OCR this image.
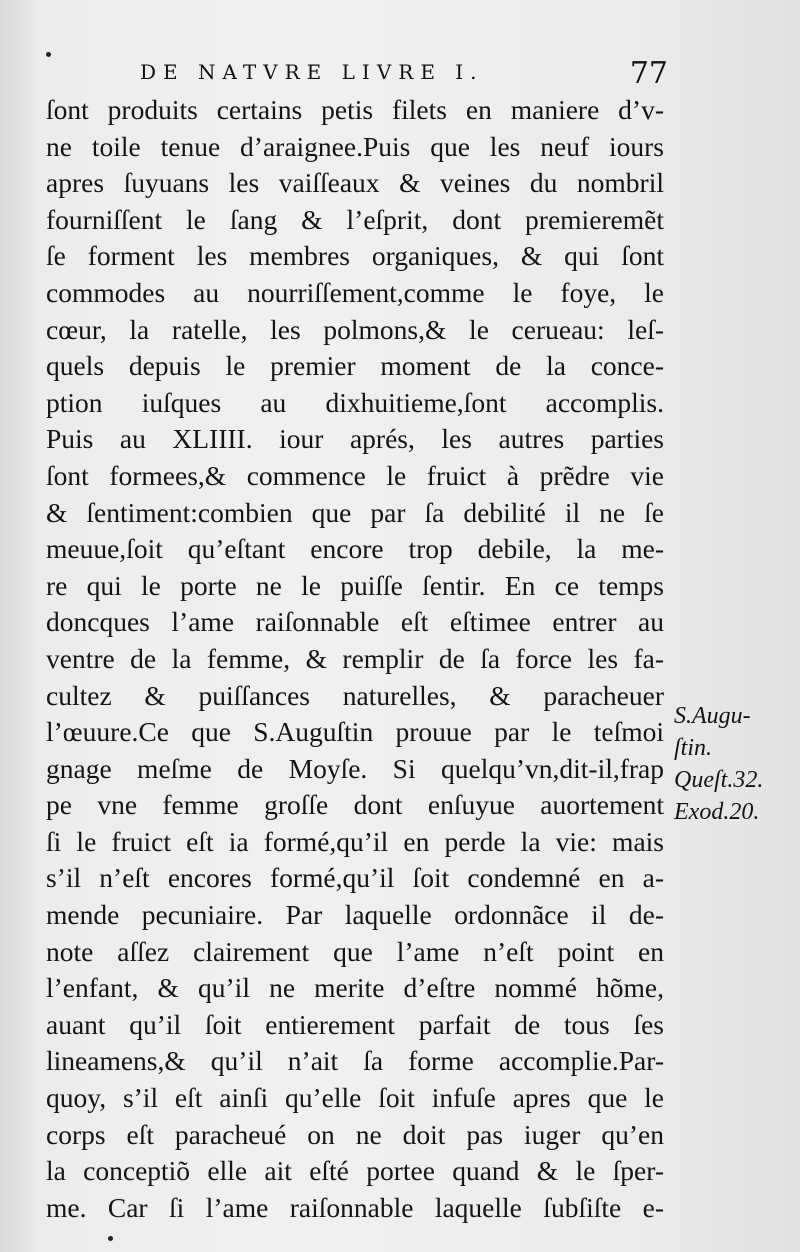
DE NATVRE LIVRE I.	77
ſont produits certains petis filets en maniere d’v-
ne toile tenue d’araignee.Puis que les neuf iours
apres ſuyuans les vaiſſeaux & veines du nombril
fourniſſent le ſang & l’eſprit, dont premieremẽt
ſe forment les membres organiques, & qui ſont
commodes au nourriſſement,comme le foye, le
cœur, la ratelle, les polmons,& le cerueau: leſ-
quels depuis le premier moment de la conce-
ption iuſques au dixhuitieme,ſont accomplis.
Puis au XLIIII. iour aprés, les autres parties
ſont formees,& commence le fruict à prẽdre vie
& ſentiment:combien que par ſa debilité il ne ſe
meuue,ſoit qu’eſtant encore trop debile, la me-
re qui le porte ne le puiſſe ſentir. En ce temps
doncques l’ame raiſonnable eſt eſtimee entrer au
ventre de la femme, & remplir de ſa force les fa-
cultez & puiſſances naturelles, & paracheuer
l’œuure.Ce que S.Auguſtin prouue par le teſmoi
gnage meſme de Moyſe. Si quelqu’vn,dit-il,frap
pe vne femme groſſe dont enſuyue auortement
ſi le fruict eſt ia formé,qu’il en perde la vie: mais
s’il n’eſt encores formé,qu’il ſoit condemné en a-
mende pecuniaire. Par laquelle ordonnãce il de-
note aſſez clairement que l’ame n’eſt point en
l’enfant, & qu’il ne merite d’eſtre nommé hõme,
auant qu’il ſoit entierement parfait de tous ſes
lineamens,& qu’il n’ait ſa forme accomplie.Par-
quoy, s’il eſt ainſi qu’elle ſoit infuſe apres que le
corps eſt paracheué on ne doit pas iuger qu’en
la conceptiõ elle ait eſté portee quand & le ſper-
me. Car ſi l’ame raiſonnable laquelle ſubſiſte e-
S.Augu-
ſtin.
Queſt.32.
Exod.20.
